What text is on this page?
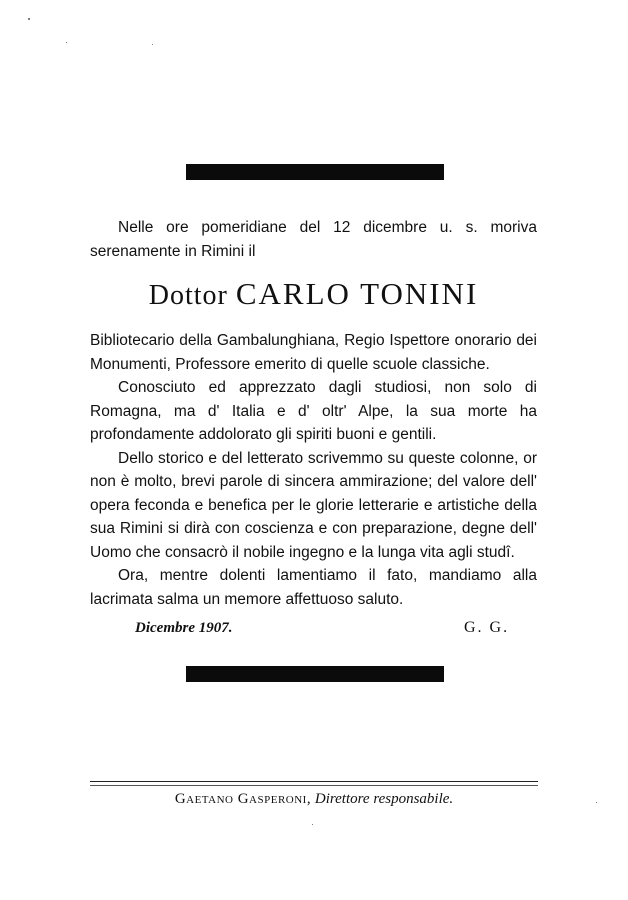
Nelle ore pomeridiane del 12 dicembre u. s. moriva serenamente in Rimini il

Dottor CARLO TONINI

Bibliotecario della Gambalunghiana, Regio Ispettore onorario dei Monumenti, Professore emerito di quelle scuole classiche.

Conosciuto ed apprezzato dagli studiosi, non solo di Romagna, ma d' Italia e d' oltr' Alpe, la sua morte ha profondamente addolorato gli spiriti buoni e gentili.

Dello storico e del letterato scrivemmo su queste colonne, or non è molto, brevi parole di sincera ammirazione; del valore dell' opera feconda e benefica per le glorie letterarie e artistiche della sua Rimini si dirà con coscienza e con preparazione, degne dell' Uomo che consacrò il nobile ingegno e la lunga vita agli studî.

Ora, mentre dolenti lamentiamo il fato, mandiamo alla lacrimata salma un memore affettuoso saluto.

Dicembre 1907.	G. G.
Gaetano Gasperoni, Direttore responsabile.
